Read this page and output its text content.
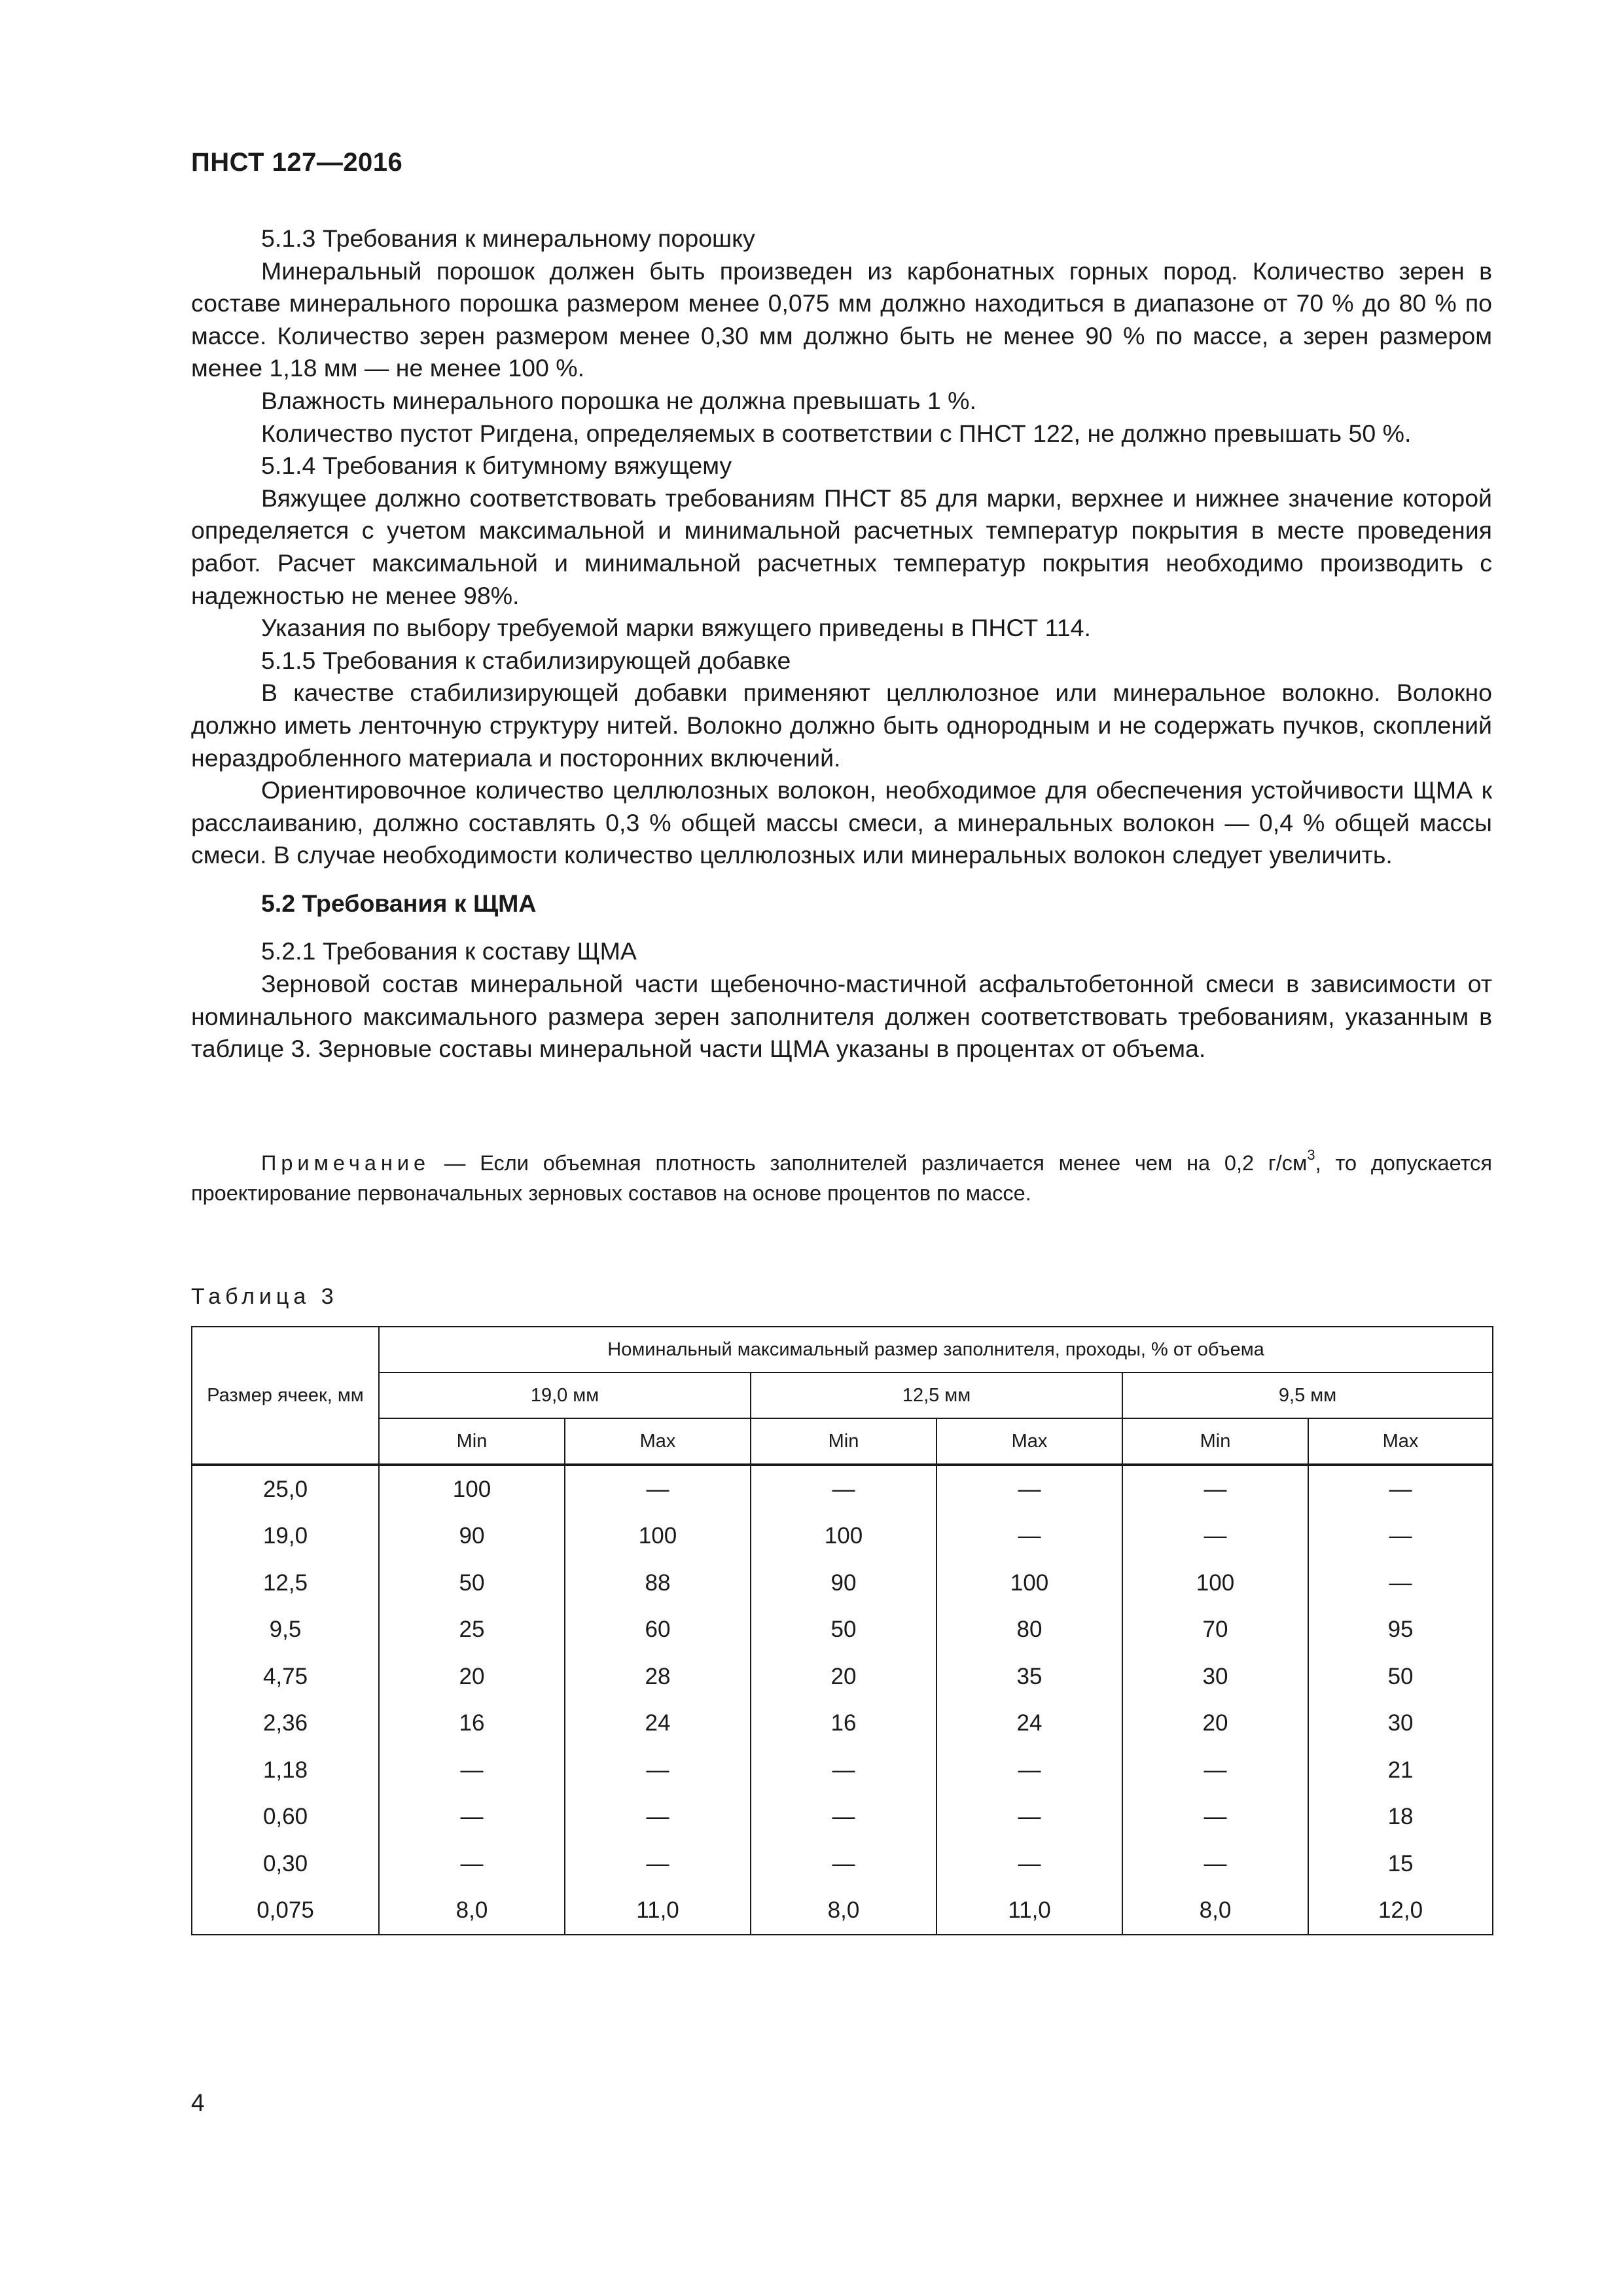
ПНСТ 127—2016

5.1.3 Требования к минеральному порошку

Минеральный порошок должен быть произведен из карбонатных горных пород. Количество зерен в составе минерального порошка размером менее 0,075 мм должно находиться в диапазоне от 70 % до 80 % по массе. Количество зерен размером менее 0,30 мм должно быть не менее 90 % по массе, а зерен размером менее 1,18 мм — не менее 100 %.

Влажность минерального порошка не должна превышать 1 %.

Количество пустот Ригдена, определяемых в соответствии с ПНСТ 122, не должно превышать 50 %.

5.1.4 Требования к битумному вяжущему

Вяжущее должно соответствовать требованиям ПНСТ 85 для марки, верхнее и нижнее значение которой определяется с учетом максимальной и минимальной расчетных температур покрытия в месте проведения работ. Расчет максимальной и минимальной расчетных температур покрытия необходимо производить с надежностью не менее 98%.

Указания по выбору требуемой марки вяжущего приведены в ПНСТ 114.

5.1.5 Требования к стабилизирующей добавке

В качестве стабилизирующей добавки применяют целлюлозное или минеральное волокно. Волокно должно иметь ленточную структуру нитей. Волокно должно быть однородным и не содержать пучков, скоплений нераздробленного материала и посторонних включений.

Ориентировочное количество целлюлозных волокон, необходимое для обеспечения устойчивости ЩМА к расслаиванию, должно составлять 0,3 % общей массы смеси, а минеральных волокон — 0,4 % общей массы смеси. В случае необходимости количество целлюлозных или минеральных волокон следует увеличить.

5.2 Требования к ЩМА

5.2.1 Требования к составу ЩМА

Зерновой состав минеральной части щебеночно-мастичной асфальтобетонной смеси в зависимости от номинального максимального размера зерен заполнителя должен соответствовать требованиям, указанным в таблице 3. Зерновые составы минеральной части ЩМА указаны в процентах от объема.

Примечание — Если объемная плотность заполнителей различается менее чем на 0,2 $г/см^3$, то допускается проектирование первоначальных зерновых составов на основе процентов по массе.
Таблица 3
Размер ячеек, мм	Номинальный максимальный размер заполнителя, проходы, % от объема					
	19,0 мм		12,5 мм		9,5 мм	
	Min	Max	Min	Max	Min	Max
25,0	100	—	—	—	—	—
19,0	90	100	100	—	—	—
12,5	50	88	90	100	100	—
9,5	25	60	50	80	70	95
4,75	20	28	20	35	30	50
2,36	16	24	16	24	20	30
1,18	—	—	—	—	—	21
0,60	—	—	—	—	—	18
0,30	—	—	—	—	—	15
0,075	8,0	11,0	8,0	11,0	8,0	12,0
4
